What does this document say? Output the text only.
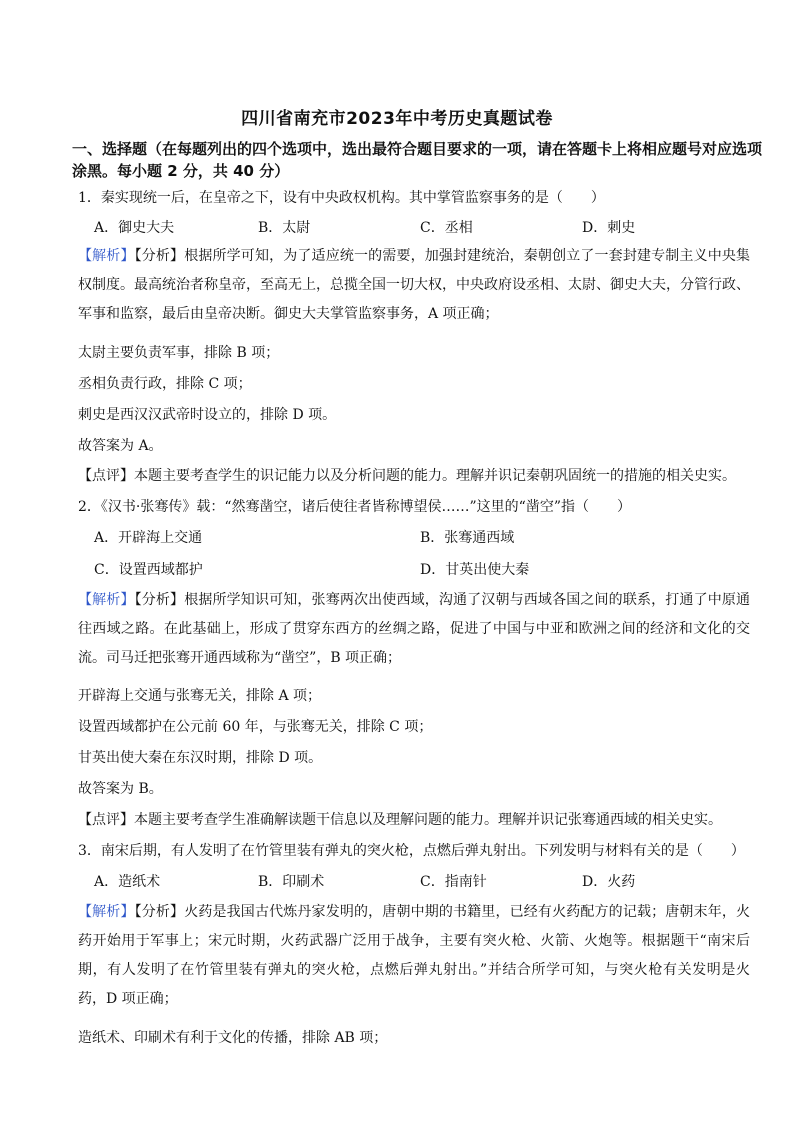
四川省南充市2023年中考历史真题试卷
一、选择题（在每题列出的四个选项中，选出最符合题目要求的一项，请在答题卡上将相应题号对应选项涂黑。每小题 2 分，共 40 分）
1．秦实现统一后，在皇帝之下，设有中央政权机构。其中掌管监察事务的是（　　）
A．御史大夫	B．太尉	C．丞相	D．刺史
【解析】【分析】根据所学可知，为了适应统一的需要，加强封建统治，秦朝创立了一套封建专制主义中央集权制度。最高统治者称皇帝，至高无上，总揽全国一切大权，中央政府设丞相、太尉、御史大夫，分管行政、军事和监察，最后由皇帝决断。御史大夫掌管监察事务，A 项正确；
太尉主要负责军事，排除 B 项；
丞相负责行政，排除 C 项；
刺史是西汉汉武帝时设立的，排除 D 项。
故答案为 A。
【点评】本题主要考查学生的识记能力以及分析问题的能力。理解并识记秦朝巩固统一的措施的相关史实。
2．《汉书·张骞传》载：“然骞凿空，诸后使往者皆称博望侯……”这里的“凿空”指（　　）
A．开辟海上交通	B．张骞通西域
C．设置西域都护	D．甘英出使大秦
【解析】【分析】根据所学知识可知，张骞两次出使西域，沟通了汉朝与西域各国之间的联系，打通了中原通往西域之路。在此基础上，形成了贯穿东西方的丝绸之路，促进了中国与中亚和欧洲之间的经济和文化的交流。司马迁把张骞开通西域称为“凿空”，B 项正确；
开辟海上交通与张骞无关，排除 A 项；
设置西域都护在公元前 60 年，与张骞无关，排除 C 项；
甘英出使大秦在东汉时期，排除 D 项。
故答案为 B。
【点评】本题主要考查学生准确解读题干信息以及理解问题的能力。理解并识记张骞通西域的相关史实。
3．南宋后期，有人发明了在竹管里装有弹丸的突火枪，点燃后弹丸射出。下列发明与材料有关的是（　　）
A．造纸术	B．印刷术	C．指南针	D．火药
【解析】【分析】火药是我国古代炼丹家发明的，唐朝中期的书籍里，已经有火药配方的记载；唐朝末年，火药开始用于军事上；宋元时期，火药武器广泛用于战争，主要有突火枪、火箭、火炮等。根据题干“南宋后期，有人发明了在竹管里装有弹丸的突火枪，点燃后弹丸射出。”并结合所学可知，与突火枪有关发明是火药，D 项正确；
造纸术、印刷术有利于文化的传播，排除 AB 项；
